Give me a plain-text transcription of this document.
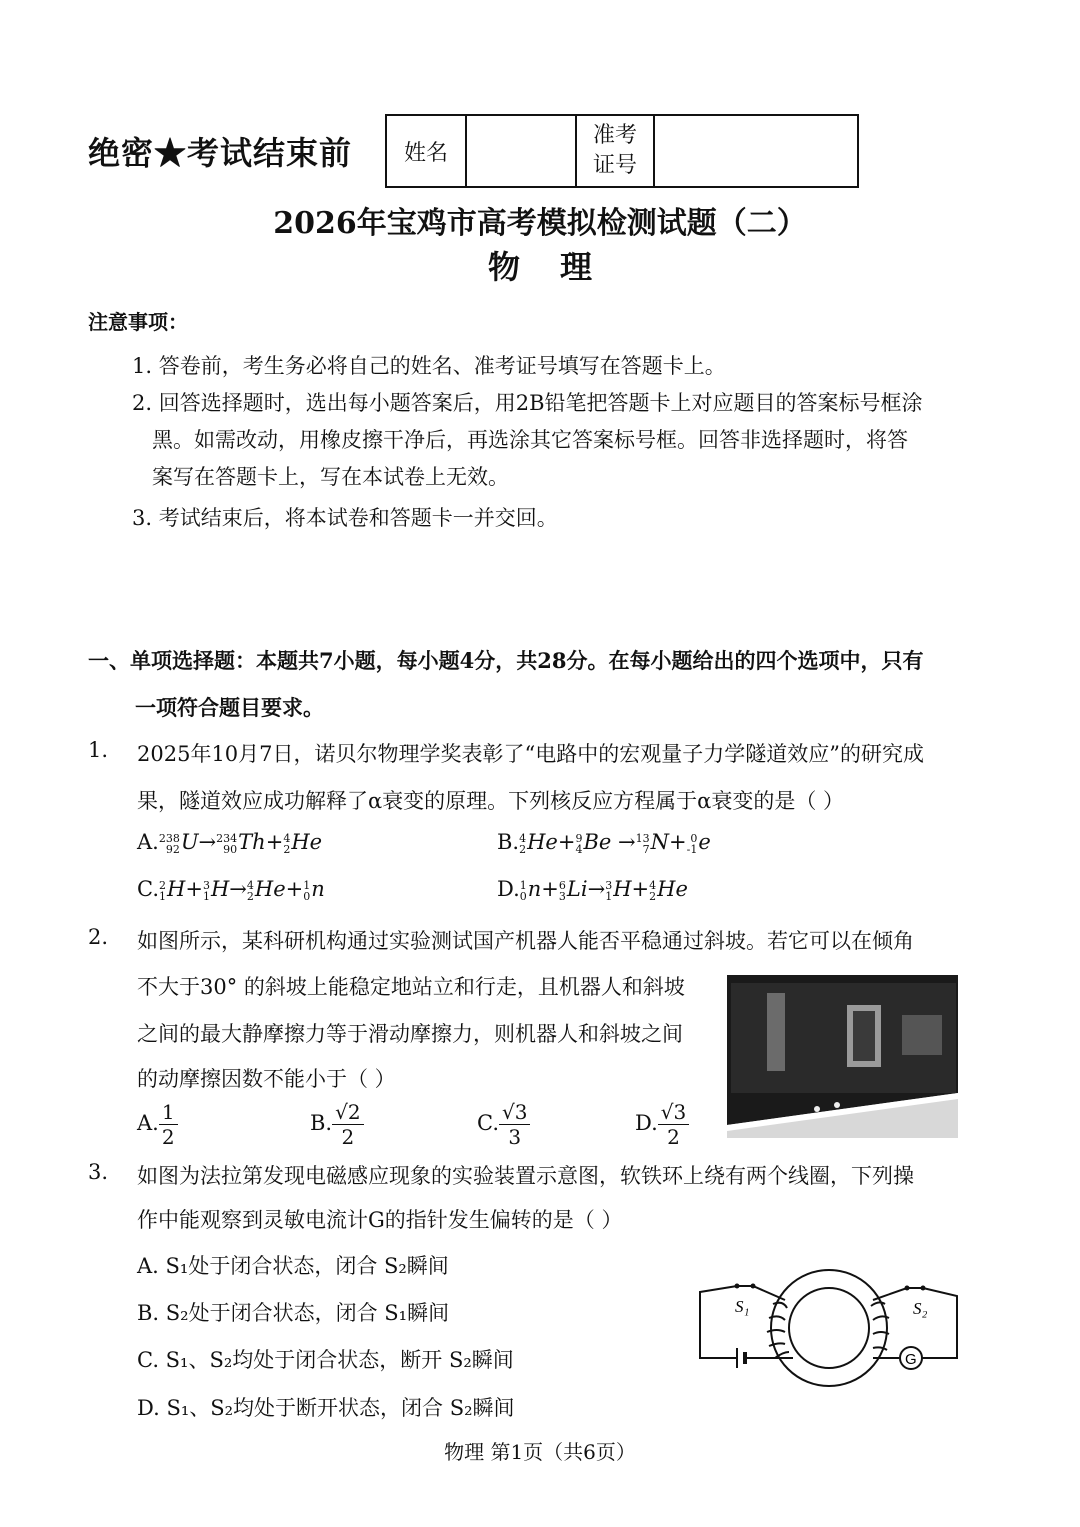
绝密★考试结束前	姓名
准考
证号
2026年宝鸡市高考模拟检测试题（二）
物理
注意事项：
1. 答卷前，考生务必将自己的姓名、准考证号填写在答题卡上。
2. 回答选择题时，选出每小题答案后，用2B铅笔把答题卡上对应题目的答案标号框涂
黑。如需改动，用橡皮擦干净后，再选涂其它答案标号框。回答非选择题时，将答
案写在答题卡上，写在本试卷上无效。
3. 考试结束后，将本试卷和答题卡一并交回。
一、单项选择题：本题共7小题，每小题4分，共28分。在每小题给出的四个选项中，只有
一项符合题目要求。
1. 2025年10月7日，诺贝尔物理学奖表彰了“电路中的宏观量子力学隧道效应”的研究成
果，隧道效应成功解释了α衰变的原理。下列核反应方程属于α衰变的是（ ）
A. 238
92 U→ 234
90 Th+ 4
2 He	B. 4
2 He+ 9
4 Be → 13
7 N+ 0
-1 e
C. 2
1 H+ 3
1 H→ 4
2 He+ 1
0 n	D. 1
0 n+ 6
3 Li→ 3
1 H+ 4
2 He
2. 如图所示，某科研机构通过实验测试国产机器人能否平稳通过斜坡。若它可以在倾角
不大于30° 的斜坡上能稳定地站立和行走，且机器人和斜坡
之间的最大静摩擦力等于滑动摩擦力，则机器人和斜坡之间
的动摩擦因数不能小于（ ）
A. $\frac{1}{2}$	B. $\frac{√2}{2}$	C. $\frac{√3}{3}$	D. $\frac{√3}{2}$
3. 如图为法拉第发现电磁感应现象的实验装置示意图，软铁环上绕有两个线圈，下列操
作中能观察到灵敏电流计G的指针发生偏转的是（ ）
A. S₁处于闭合状态，闭合 S₂瞬间
B. S₂处于闭合状态，闭合 S₁瞬间
C. S₁、S₂均处于闭合状态，断开 S₂瞬间
D. S₁、S₂均处于断开状态，闭合 S₂瞬间
S₁	S₂
G
物理 第1页（共6页）
